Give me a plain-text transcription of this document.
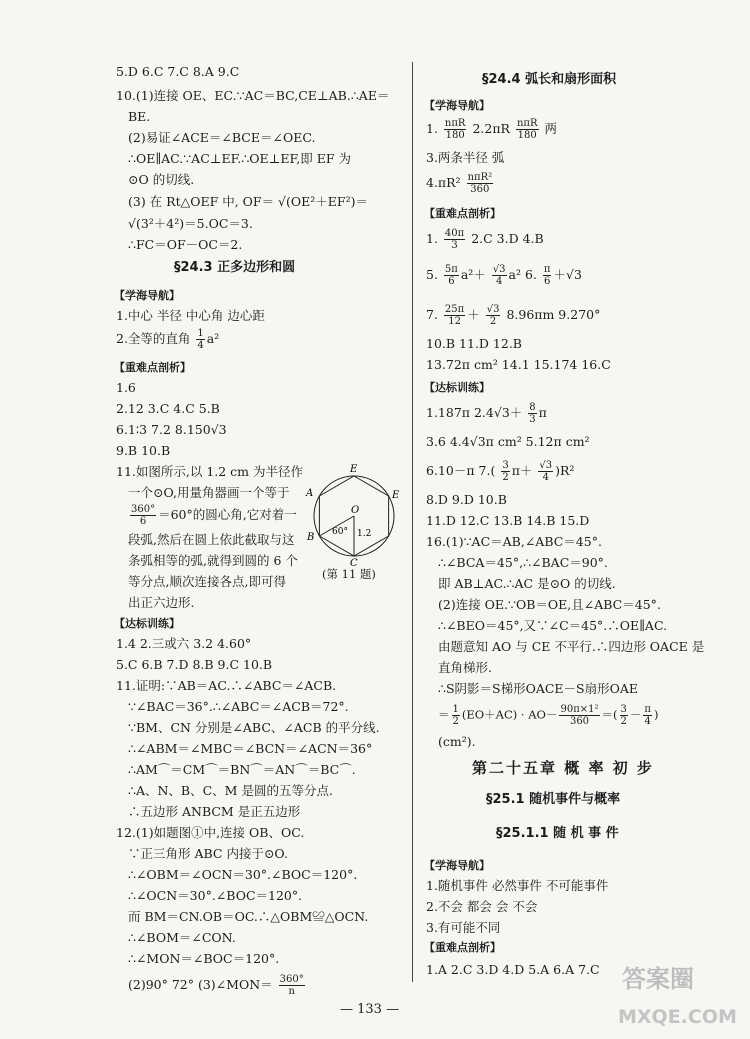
5.D 6.C 7.C 8.A 9.C
10.(1)连接 OE、EC.∵AC＝BC,CE⊥AB.∴AE＝
BE.
(2)易证∠ACE＝∠BCE＝∠OEC.
∴OE∥AC.∵AC⊥EF.∴OE⊥EF,即 EF 为
⊙O 的切线.
(3) 在 Rt△OEF 中, OF＝ √(OE²＋EF²)＝
√(3²＋4²)＝5.OC＝3.
∴FC＝OF－OC＝2.
§24.3 正多边形和圆
【学海导航】
1.中心 半径 中心角 边心距
2.全等的直角 $\frac{1}{4} a^2$
【重难点剖析】
1.6
2.12 3.C 4.C 5.B
6.1∶3 7.2 8.150√3
9.B 10.B
11.如图所示,以 1.2 cm 为半径作
一个⊙O,用量角器画一个等于
$\frac{360^\circ}{6} =60^\circ$的圆心角,它对着一
段弧,然后在圆上依此截取与这
条弧相等的弧,就得到圆的 6 个
等分点,顺次连接各点,即可得
出正六边形.
【达标训练】
1.4 2.三或六 3.2 4.60°
5.C 6.B 7.D 8.B 9.C 10.B
11.证明:∵AB＝AC.∴∠ABC＝∠ACB.
∵∠BAC＝36°.∴∠ABC＝∠ACB＝72°.
∵BM、CN 分别是∠ABC、∠ACB 的平分线.
∴∠ABM＝∠MBC＝∠BCN＝∠ACN＝36°
∴AM⌒＝CM⌒＝BN⌒＝AN⌒＝BC⌒.
∴A、N、B、C、M 是圆的五等分点.
∴五边形 ANBCM 是正五边形
12.(1)如题图①中,连接 OB、OC.
∵正三角形 ABC 内接于⊙O.
∴∠OBM＝∠OCN＝30°.∠BOC＝120°.
∴∠OCN＝30°.∠BOC＝120°.
而 BM＝CN.OB＝OC.∴△OBM≌△OCN.
∴∠BOM＝∠CON.
∴∠MON＝∠BOC＝120°.
(2)90° 72° (3)∠MON＝ $\frac{360^\circ}{n}$
E
A	E
O
B
C
60° 1.2
(第 11 题)
§24.4 弧长和扇形面积
【学海导航】
1. $\frac{\text{nπR}}{180} 2.2\pi R \frac{\text{nπR}}{180}$ 两
3.两条半径 弧
$4.\pi R^2 \frac{\text{nπR²}}{360}$
【重难点剖析】
1. $\frac{40\pi}{3} 2.C$ 3.D 4.B
5. $\frac{5\pi}{6} a^2+ \frac{√3}{4} a^2$ 6. $\frac{\pi}{6} +√3$
7. $\frac{25\pi}{12} + \frac{√3}{2} 8.96\pi m$ 9.270°
10.B 11.D 12.B
13.72π cm² 14.1 15.174 16.C
【达标训练】
1.187π $2.4√3+ \frac{8}{3}$ π
3.6 4.4√3π cm² 5.12π cm²
6.10－π $7.( \frac{3}{2} \pi+ \frac{√3}{4} )R^2$
8.D 9.D 10.B
11.D 12.C 13.B 14.B 15.D
16.(1)∵AC＝AB,∠ABC＝45°.
∴∠BCA＝45°,∴∠BAC＝90°.
即 AB⊥AC.∴AC 是⊙O 的切线.
(2)连接 OE.∵OB＝OE,且∠ABC＝45°.
∴∠BEO＝45°,又∵∠C＝45°.∴OE∥AC.
由题意知 AO 与 CE 不平行.∴四边形 OACE 是
直角梯形.
∴S阴影＝S梯形OACE－S扇形OAE
＝ $\frac{1}{2} (EO+AC) \cdot AO- \frac{\text{90π×1²}}{360}$ ＝( $\frac{3}{2} - \frac{\pi}{4}$ )
(cm²).
第二十五章 概 率 初 步
§25.1 随机事件与概率
§25.1.1 随 机 事 件
【学海导航】
1.随机事件 必然事件 不可能事件
2.不会 都会 会 不会
3.有可能不同
【重难点剖析】
1.A 2.C 3.D 4.D 5.A 6.A 7.C
— 133 —
答案圈
MXQE.COM
